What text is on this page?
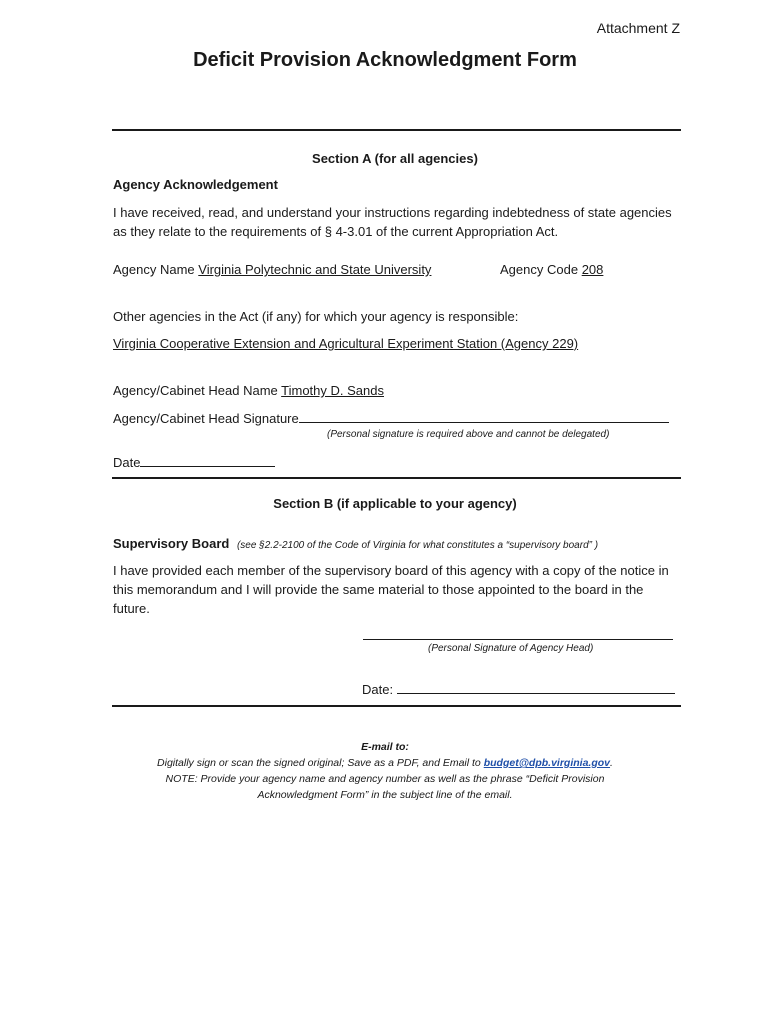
Attachment Z
Deficit Provision Acknowledgment Form
Section A (for all agencies)
Agency Acknowledgement
I have received, read, and understand your instructions regarding indebtedness of state agencies as they relate to the requirements of § 4-3.01 of the current Appropriation Act.
Agency Name Virginia Polytechnic and State University	Agency Code 208
Other agencies in the Act (if any) for which your agency is responsible:
Virginia Cooperative Extension and Agricultural Experiment Station (Agency 229)
Agency/Cabinet Head Name Timothy D. Sands
Agency/Cabinet Head Signature
(Personal signature is required above and cannot be delegated)
Date
Section B (if applicable to your agency)
Supervisory Board (see §2.2-2100 of the Code of Virginia for what constitutes a “supervisory board” )
I have provided each member of the supervisory board of this agency with a copy of the notice in this memorandum and I will provide the same material to those appointed to the board in the future.
(Personal Signature of Agency Head)
Date:
E-mail to:
Digitally sign or scan the signed original; Save as a PDF, and Email to budget@dpb.virginia.gov.
NOTE: Provide your agency name and agency number as well as the phrase “Deficit Provision
Acknowledgment Form” in the subject line of the email.
